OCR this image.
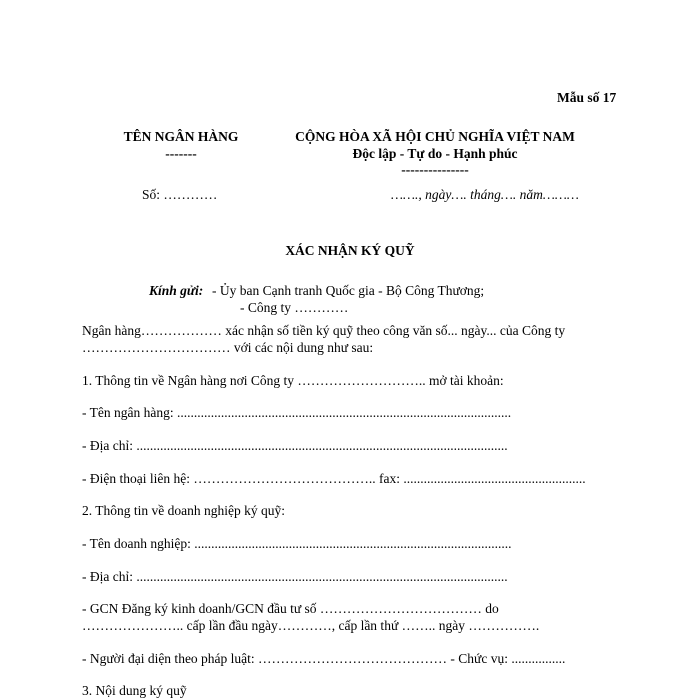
Mẫu số 17
TÊN NGÂN HÀNG
-------
CỘNG HÒA XÃ HỘI CHỦ NGHĨA VIỆT NAM
Độc lập - Tự do - Hạnh phúc
---------------
Số: …………	……., ngày…. tháng…. năm………
XÁC NHẬN KÝ QUỸ
Kính gửi: - Ủy ban Cạnh tranh Quốc gia - Bộ Công Thương;
- Công ty …………
Ngân hàng……………… xác nhận số tiền ký quỹ theo công văn số... ngày... của Công ty
…………………………… với các nội dung như sau:
1. Thông tin về Ngân hàng nơi Công ty ……………………….. mở tài khoản:
- Tên ngân hàng: ...................................................................................................
- Địa chỉ: ..............................................................................................................
- Điện thoại liên hệ: ………………………………….. fax: ......................................................
2. Thông tin về doanh nghiệp ký quỹ:
- Tên doanh nghiệp: ..............................................................................................
- Địa chỉ: ..............................................................................................................
- GCN Đăng ký kinh doanh/GCN đầu tư số ……………………………… do
………………….. cấp lần đầu ngày…………, cấp lần thứ …….. ngày …………….
- Người đại diện theo pháp luật: …………………………………… - Chức vụ: ................
3. Nội dung ký quỹ
